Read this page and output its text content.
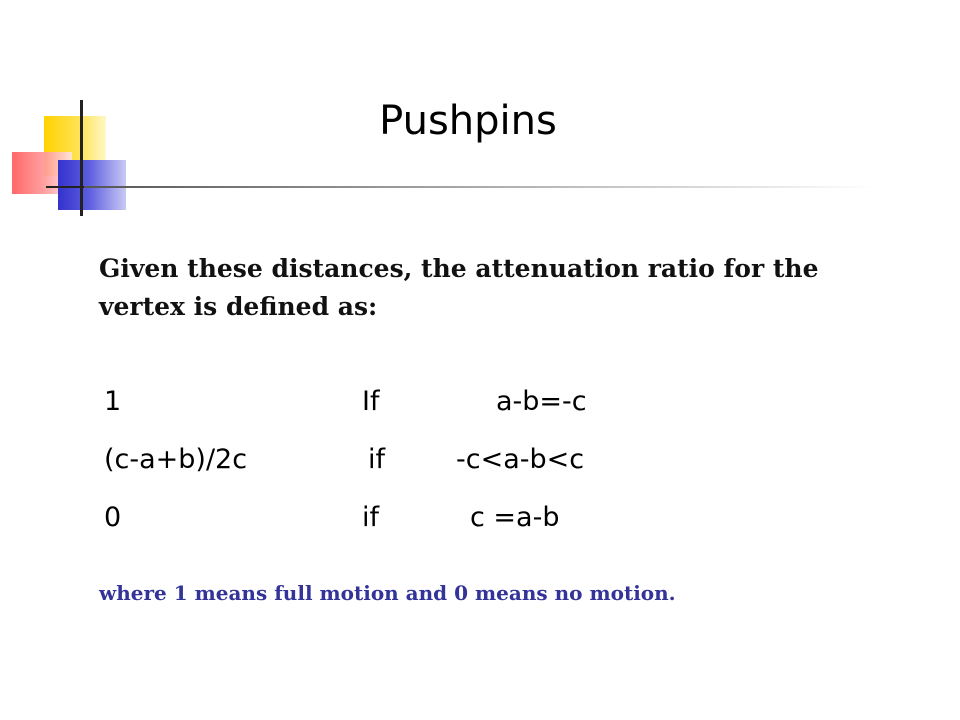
Pushpins
Given these distances, the attenuation ratio for the vertex is defined as:
1	If	a-b=-c
(c-a+b)/2c	if	-c<a-b<c
0	if	c =a-b
where 1 means full motion and 0 means no motion.
